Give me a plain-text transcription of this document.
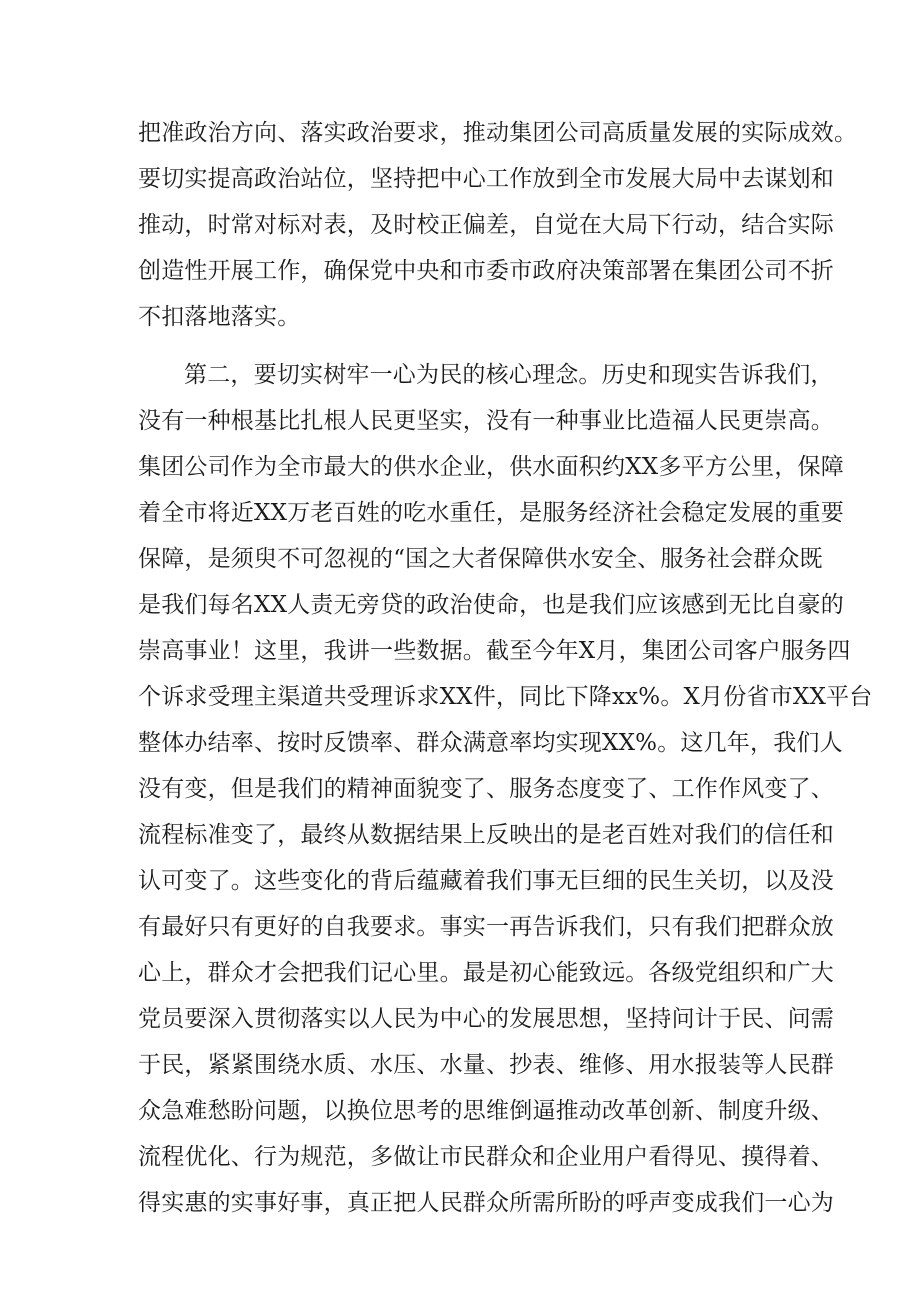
把准政治方向、落实政治要求，推动集团公司高质量发展的实际成效。
要切实提高政治站位，坚持把中心工作放到全市发展大局中去谋划和
推动，时常对标对表，及时校正偏差，自觉在大局下行动，结合实际
创造性开展工作，确保党中央和市委市政府决策部署在集团公司不折
不扣落地落实。

第二，要切实树牢一心为民的核心理念。历史和现实告诉我们，
没有一种根基比扎根人民更坚实，没有一种事业比造福人民更崇高。
集团公司作为全市最大的供水企业，供水面积约XX多平方公里，保障
着全市将近XX万老百姓的吃水重任，是服务经济社会稳定发展的重要
保障，是须臾不可忽视的“国之大者保障供水安全、服务社会群众既
是我们每名XX人责无旁贷的政治使命，也是我们应该感到无比自豪的
崇高事业！这里，我讲一些数据。截至今年X月，集团公司客户服务四
个诉求受理主渠道共受理诉求XX件，同比下降xx%。X月份省市XX平台
整体办结率、按时反馈率、群众满意率均实现XX%。这几年，我们人
没有变，但是我们的精神面貌变了、服务态度变了、工作作风变了、
流程标准变了，最终从数据结果上反映出的是老百姓对我们的信任和
认可变了。这些变化的背后蕴藏着我们事无巨细的民生关切，以及没
有最好只有更好的自我要求。事实一再告诉我们，只有我们把群众放
心上，群众才会把我们记心里。最是初心能致远。各级党组织和广大
党员要深入贯彻落实以人民为中心的发展思想，坚持问计于民、问需
于民，紧紧围绕水质、水压、水量、抄表、维修、用水报装等人民群
众急难愁盼问题，以换位思考的思维倒逼推动改革创新、制度升级、
流程优化、行为规范，多做让市民群众和企业用户看得见、摸得着、
得实惠的实事好事，真正把人民群众所需所盼的呼声变成我们一心为
